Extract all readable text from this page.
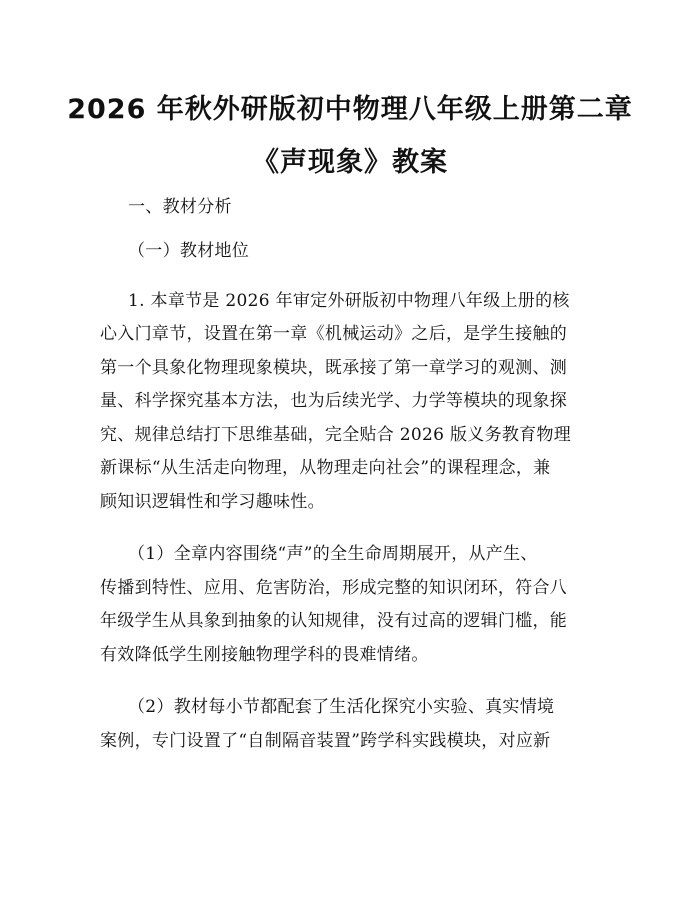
2026 年秋外研版初中物理八年级上册第二章
《声现象》教案
一、教材分析
（一）教材地位
1. 本章节是 2026 年审定外研版初中物理八年级上册的核
心入门章节，设置在第一章《机械运动》之后，是学生接触的
第一个具象化物理现象模块，既承接了第一章学习的观测、测
量、科学探究基本方法，也为后续光学、力学等模块的现象探
究、规律总结打下思维基础，完全贴合 2026 版义务教育物理
新课标“从生活走向物理，从物理走向社会”的课程理念，兼
顾知识逻辑性和学习趣味性。
（1）全章内容围绕“声”的全生命周期展开，从产生、
传播到特性、应用、危害防治，形成完整的知识闭环，符合八
年级学生从具象到抽象的认知规律，没有过高的逻辑门槛，能
有效降低学生刚接触物理学科的畏难情绪。
（2）教材每小节都配套了生活化探究小实验、真实情境
案例，专门设置了“自制隔音装置”跨学科实践模块，对应新
